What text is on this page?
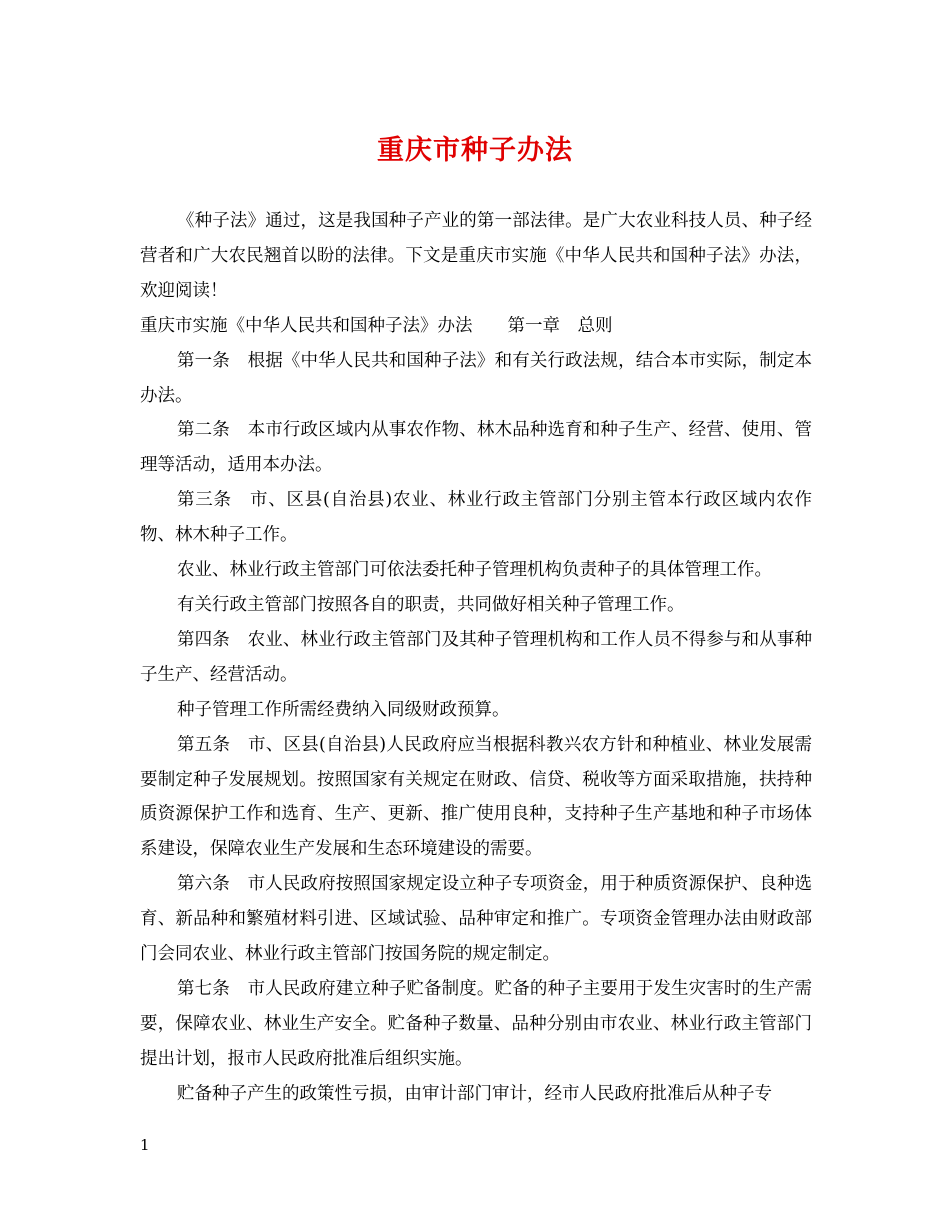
重庆市种子办法

《种子法》通过，这是我国种子产业的第一部法律。是广大农业科技人员、种子经营者和广大农民翘首以盼的法律。下文是重庆市实施《中华人民共和国种子法》办法，欢迎阅读！

重庆市实施《中华人民共和国种子法》办法　　第一章　总则

第一条　根据《中华人民共和国种子法》和有关行政法规，结合本市实际，制定本办法。

第二条　本市行政区域内从事农作物、林木品种选育和种子生产、经营、使用、管理等活动，适用本办法。

第三条　市、区县(自治县)农业、林业行政主管部门分别主管本行政区域内农作物、林木种子工作。

农业、林业行政主管部门可依法委托种子管理机构负责种子的具体管理工作。

有关行政主管部门按照各自的职责，共同做好相关种子管理工作。

第四条　农业、林业行政主管部门及其种子管理机构和工作人员不得参与和从事种子生产、经营活动。

种子管理工作所需经费纳入同级财政预算。

第五条　市、区县(自治县)人民政府应当根据科教兴农方针和种植业、林业发展需要制定种子发展规划。按照国家有关规定在财政、信贷、税收等方面采取措施，扶持种质资源保护工作和选育、生产、更新、推广使用良种，支持种子生产基地和种子市场体系建设，保障农业生产发展和生态环境建设的需要。

第六条　市人民政府按照国家规定设立种子专项资金，用于种质资源保护、良种选育、新品种和繁殖材料引进、区域试验、品种审定和推广。专项资金管理办法由财政部门会同农业、林业行政主管部门按国务院的规定制定。

第七条　市人民政府建立种子贮备制度。贮备的种子主要用于发生灾害时的生产需要，保障农业、林业生产安全。贮备种子数量、品种分别由市农业、林业行政主管部门提出计划，报市人民政府批准后组织实施。

贮备种子产生的政策性亏损，由审计部门审计，经市人民政府批准后从种子专

1
